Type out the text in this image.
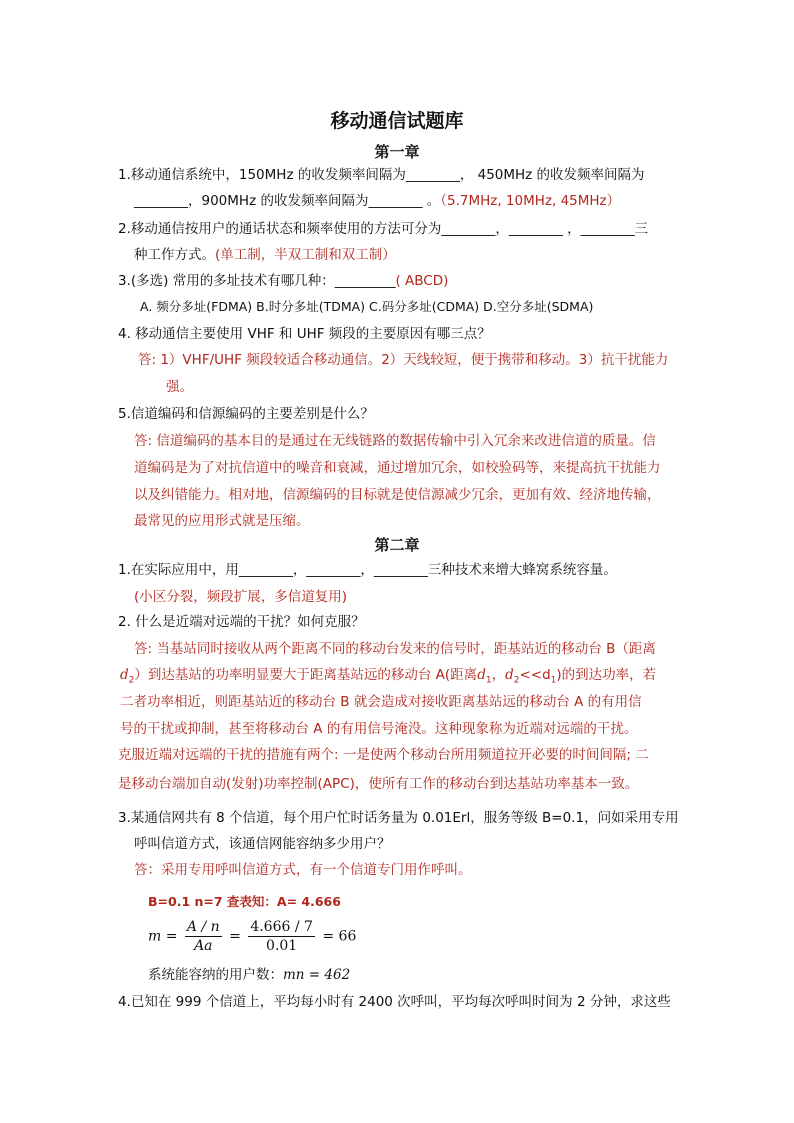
移动通信试题库
第一章
1.移动通信系统中，150MHz 的收发频率间隔为________， 450MHz 的收发频率间隔为
________，900MHz 的收发频率间隔为________ 。（5.7MHz, 10MHz, 45MHz）
2.移动通信按用户的通话状态和频率使用的方法可分为________，________ ，________三
种工作方式。(单工制，半双工制和双工制）
3.(多选) 常用的多址技术有哪几种：_________( ABCD)
A. 频分多址(FDMA) B.时分多址(TDMA) C.码分多址(CDMA) D.空分多址(SDMA)
4. 移动通信主要使用 VHF 和 UHF 频段的主要原因有哪三点？
答: 1）VHF/UHF 频段较适合移动通信。2）天线较短，便于携带和移动。3）抗干扰能力
强。
5.信道编码和信源编码的主要差别是什么？
答: 信道编码的基本目的是通过在无线链路的数据传输中引入冗余来改进信道的质量。信
道编码是为了对抗信道中的噪音和衰减，通过增加冗余，如校验码等，来提高抗干扰能力
以及纠错能力。相对地，信源编码的目标就是使信源减少冗余，更加有效、经济地传输，
最常见的应用形式就是压缩。
第二章
1.在实际应用中，用________，________，________三种技术来增大蜂窝系统容量。
(小区分裂，频段扩展，多信道复用)
2. 什么是近端对远端的干扰？如何克服？
答: 当基站同时接收从两个距离不同的移动台发来的信号时，距基站近的移动台 B（距离
$d_2$）到达基站的功率明显要大于距离基站远的移动台 A(距离$d_1$，$d_2<<d_1$)的到达功率，若
二者功率相近，则距基站近的移动台 B 就会造成对接收距离基站远的移动台 A 的有用信
号的干扰或抑制，甚至将移动台 A 的有用信号淹没。这种现象称为近端对远端的干扰。
克服近端对远端的干扰的措施有两个: 一是使两个移动台所用频道拉开必要的时间间隔; 二
是移动台端加自动(发射)功率控制(APC)，使所有工作的移动台到达基站功率基本一致。
3.某通信网共有 8 个信道，每个用户忙时话务量为 0.01Erl，服务等级 B=0.1，问如采用专用
呼叫信道方式，该通信网能容纳多少用户？
答：采用专用呼叫信道方式，有一个信道专门用作呼叫。
B=0.1 n=7 查表知：A= 4.666
$m = \frac{A / n}{Aa} = \frac{4.666 / 7}{0.01} = 66$
系统能容纳的用户数：mn = 462
4.已知在 999 个信道上，平均每小时有 2400 次呼叫，平均每次呼叫时间为 2 分钟，求这些
